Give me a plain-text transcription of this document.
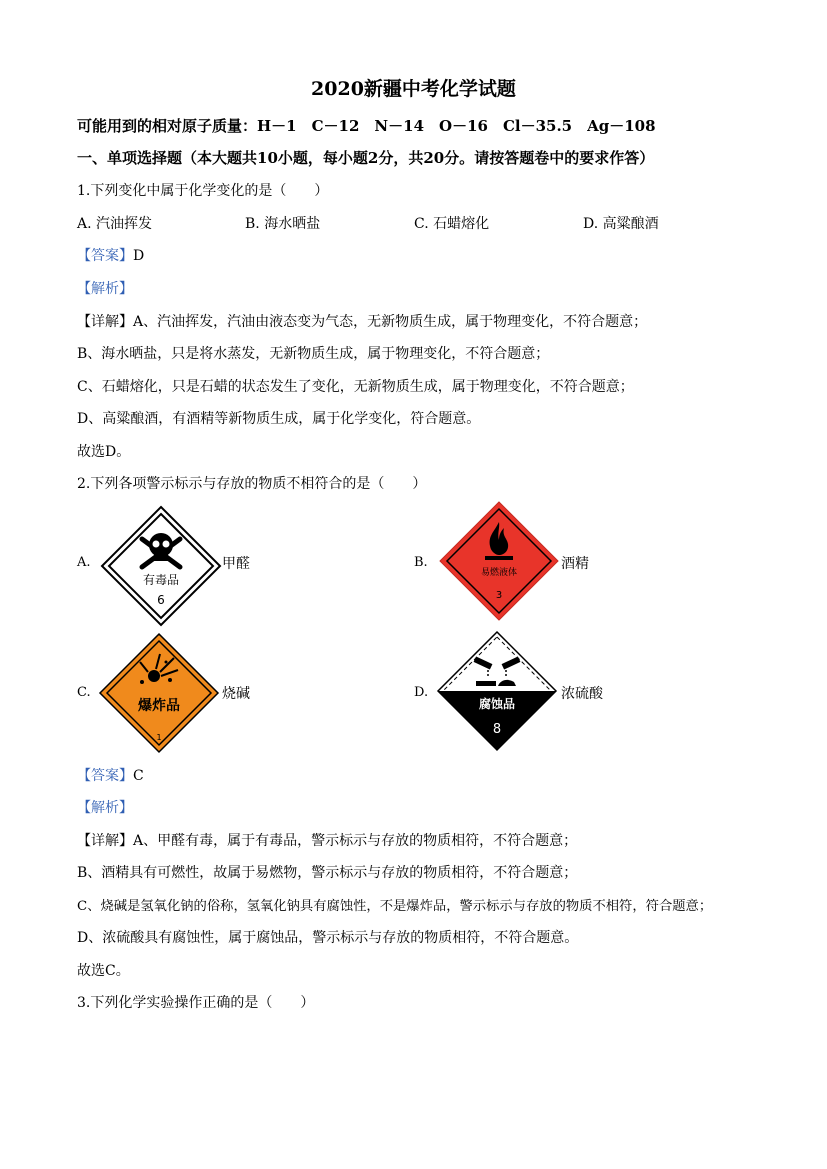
2020新疆中考化学试题
可能用到的相对原子质量：H－1　C－12　N－14　O－16　Cl－35.5　Ag－108
一、单项选择题（本大题共10小题，每小题2分，共20分。请按答题卷中的要求作答）
1.下列变化中属于化学变化的是（　　）
A. 汽油挥发	B. 海水晒盐	C. 石蜡熔化	D. 高粱酿酒
【答案】D
【解析】
【详解】A、汽油挥发，汽油由液态变为气态，无新物质生成，属于物理变化，不符合题意；
B、海水晒盐，只是将水蒸发，无新物质生成，属于物理变化，不符合题意；
C、石蜡熔化，只是石蜡的状态发生了变化，无新物质生成，属于物理变化，不符合题意；
D、高粱酿酒，有酒精等新物质生成，属于化学变化，符合题意。
故选D。
2.下列各项警示标示与存放的物质不相符合的是（　　）
A.
有毒品
6
甲醛	B.
易燃液体
3
酒精
C.
爆炸品
1
烧碱	D.
腐蚀品
8
浓硫酸
【答案】C
【解析】
【详解】A、甲醛有毒，属于有毒品，警示标示与存放的物质相符，不符合题意；
B、酒精具有可燃性，故属于易燃物，警示标示与存放的物质相符，不符合题意；
C、烧碱是氢氧化钠的俗称，氢氧化钠具有腐蚀性，不是爆炸品，警示标示与存放的物质不相符，符合题意；
D、浓硫酸具有腐蚀性，属于腐蚀品，警示标示与存放的物质相符，不符合题意。
故选C。
3.下列化学实验操作正确的是（　　）
